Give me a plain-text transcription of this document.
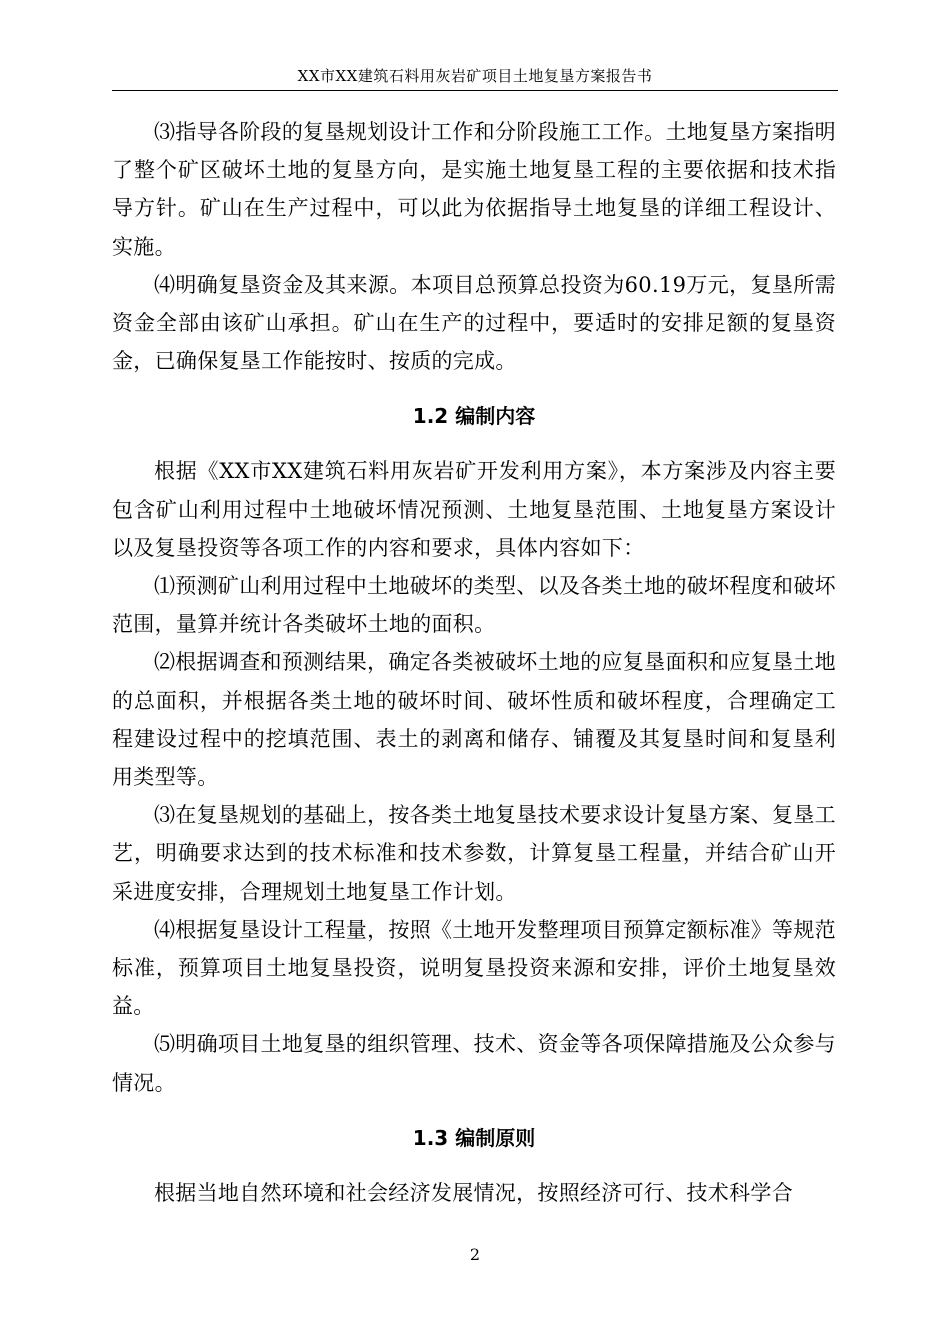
XX市XX建筑石料用灰岩矿项目土地复垦方案报告书

⑶指导各阶段的复垦规划设计工作和分阶段施工工作。土地复垦方案指明了整个矿区破坏土地的复垦方向，是实施土地复垦工程的主要依据和技术指导方针。矿山在生产过程中，可以此为依据指导土地复垦的详细工程设计、实施。

⑷明确复垦资金及其来源。本项目总预算总投资为60.19万元，复垦所需资金全部由该矿山承担。矿山在生产的过程中，要适时的安排足额的复垦资金，已确保复垦工作能按时、按质的完成。

1.2 编制内容

根据《XX市XX建筑石料用灰岩矿开发利用方案》，本方案涉及内容主要包含矿山利用过程中土地破坏情况预测、土地复垦范围、土地复垦方案设计以及复垦投资等各项工作的内容和要求，具体内容如下：

⑴预测矿山利用过程中土地破坏的类型、以及各类土地的破坏程度和破坏范围，量算并统计各类破坏土地的面积。

⑵根据调查和预测结果，确定各类被破坏土地的应复垦面积和应复垦土地的总面积，并根据各类土地的破坏时间、破坏性质和破坏程度，合理确定工程建设过程中的挖填范围、表土的剥离和储存、铺覆及其复垦时间和复垦利用类型等。

⑶在复垦规划的基础上，按各类土地复垦技术要求设计复垦方案、复垦工艺，明确要求达到的技术标准和技术参数，计算复垦工程量，并结合矿山开采进度安排，合理规划土地复垦工作计划。

⑷根据复垦设计工程量，按照《土地开发整理项目预算定额标准》等规范标准，预算项目土地复垦投资，说明复垦投资来源和安排，评价土地复垦效益。

⑸明确项目土地复垦的组织管理、技术、资金等各项保障措施及公众参与情况。

1.3 编制原则

根据当地自然环境和社会经济发展情况，按照经济可行、技术科学合

2
